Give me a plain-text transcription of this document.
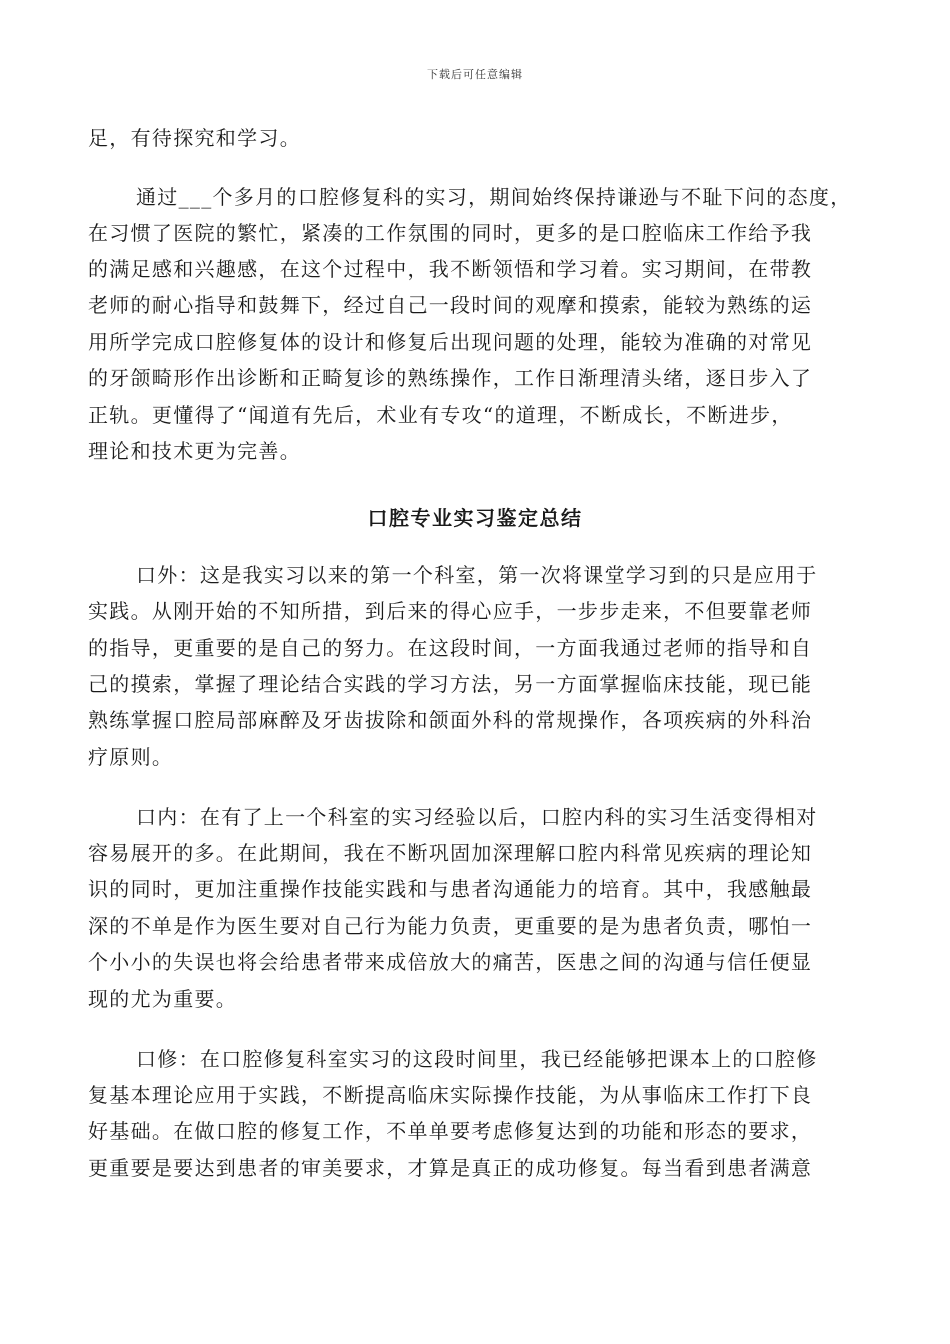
下载后可任意编辑
足，有待探究和学习。
通过___个多月的口腔修复科的实习，期间始终保持谦逊与不耻下问的态度，
在习惯了医院的繁忙，紧凑的工作氛围的同时，更多的是口腔临床工作给予我
的满足感和兴趣感，在这个过程中，我不断领悟和学习着。实习期间，在带教
老师的耐心指导和鼓舞下，经过自己一段时间的观摩和摸索，能较为熟练的运
用所学完成口腔修复体的设计和修复后出现问题的处理，能较为准确的对常见
的牙颌畸形作出诊断和正畸复诊的熟练操作，工作日渐理清头绪，逐日步入了
正轨。更懂得了“闻道有先后，术业有专攻“的道理，不断成长，不断进步，
理论和技术更为完善。
口腔专业实习鉴定总结
口外：这是我实习以来的第一个科室，第一次将课堂学习到的只是应用于
实践。从刚开始的不知所措，到后来的得心应手，一步步走来，不但要靠老师
的指导，更重要的是自己的努力。在这段时间，一方面我通过老师的指导和自
己的摸索，掌握了理论结合实践的学习方法，另一方面掌握临床技能，现已能
熟练掌握口腔局部麻醉及牙齿拔除和颌面外科的常规操作，各项疾病的外科治
疗原则。
口内：在有了上一个科室的实习经验以后，口腔内科的实习生活变得相对
容易展开的多。在此期间，我在不断巩固加深理解口腔内科常见疾病的理论知
识的同时，更加注重操作技能实践和与患者沟通能力的培育。其中，我感触最
深的不单是作为医生要对自己行为能力负责，更重要的是为患者负责，哪怕一
个小小的失误也将会给患者带来成倍放大的痛苦，医患之间的沟通与信任便显
现的尤为重要。
口修：在口腔修复科室实习的这段时间里，我已经能够把课本上的口腔修
复基本理论应用于实践，不断提高临床实际操作技能，为从事临床工作打下良
好基础。在做口腔的修复工作，不单单要考虑修复达到的功能和形态的要求，
更重要是要达到患者的审美要求，才算是真正的成功修复。每当看到患者满意
